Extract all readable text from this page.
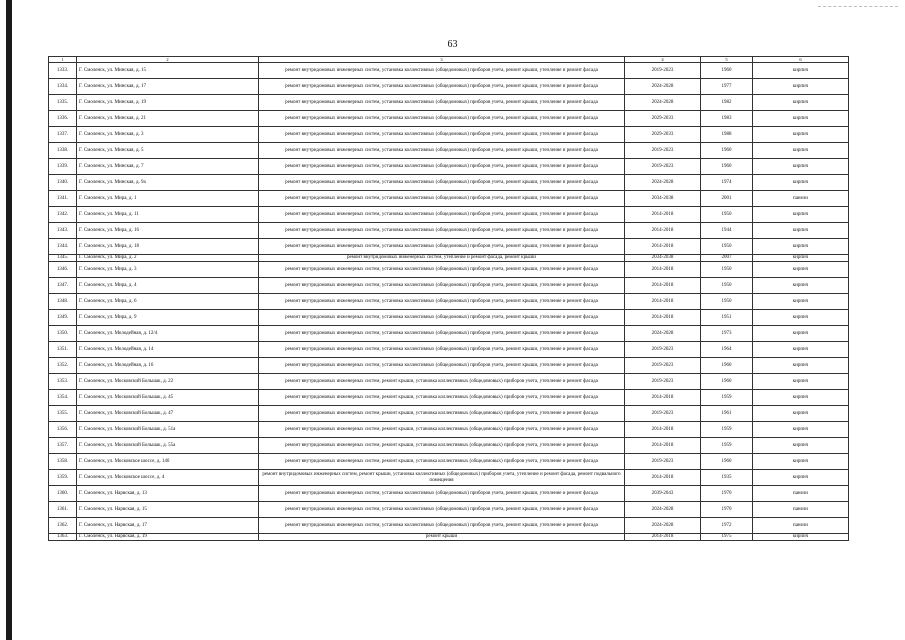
63
1	2	3	4	5	6
1333.	Г. Смоленск, ул. Минская, д. 15	ремонт внутридомовых инженерных систем, установка коллективных (общедомовых) приборов учета, ремонт крыши, утепление и ремонт фасада	2019-2023	1960	кирпич
1334.	Г. Смоленск, ул. Минская, д. 17	ремонт внутридомовых инженерных систем, установка коллективных (общедомовых) приборов учета, ремонт крыши, утепление и ремонт фасада	2024-2028	1977	кирпич
1335.	Г. Смоленск, ул. Минская, д. 19	ремонт внутридомовых инженерных систем, установка коллективных (общедомовых) приборов учета, ремонт крыши, утепление и ремонт фасада	2024-2028	1982	кирпич
1336.	Г. Смоленск, ул. Минская, д. 21	ремонт внутридомовых инженерных систем, установка коллективных (общедомовых) приборов учета, ремонт крыши, утепление и ремонт фасада	2029-2033	1983	кирпич
1337.	Г. Смоленск, ул. Минская, д. 3	ремонт внутридомовых инженерных систем, установка коллективных (общедомовых) приборов учета, ремонт крыши, утепление и ремонт фасада	2029-2033	1988	кирпич
1338.	Г. Смоленск, ул. Минская, д. 5	ремонт внутридомовых инженерных систем, установка коллективных (общедомовых) приборов учета, ремонт крыши, утепление и ремонт фасада	2019-2023	1960	кирпич
1339.	Г. Смоленск, ул. Минская, д. 7	ремонт внутридомовых инженерных систем, установка коллективных (общедомовых) приборов учета, ремонт крыши, утепление и ремонт фасада	2019-2023	1960	кирпич
1340.	Г. Смоленск, ул. Минская, д. 9а	ремонт внутридомовых инженерных систем, установка коллективных (общедомовых) приборов учета, ремонт крыши, утепление и ремонт фасада	2024-2028	1974	кирпич
1341.	Г. Смоленск, ул. Мира, д. 1	ремонт внутридомовых инженерных систем, установка коллективных (общедомовых) приборов учета, ремонт крыши, утепление и ремонт фасада	2034-2038	2001	панели
1342.	Г. Смоленск, ул. Мира, д. 11	ремонт внутридомовых инженерных систем, установка коллективных (общедомовых) приборов учета, ремонт крыши, утепление и ремонт фасада	2014-2018	1950	кирпич
1343.	Г. Смоленск, ул. Мира, д. 16	ремонт внутридомовых инженерных систем, установка коллективных (общедомовых) приборов учета, ремонт крыши, утепление и ремонт фасада	2014-2018	1944	кирпич
1344.	Г. Смоленск, ул. Мира, д. 18	ремонт внутридомовых инженерных систем, установка коллективных (общедомовых) приборов учета, ремонт крыши, утепление и ремонт фасада	2014-2018	1950	кирпич
1345.	Г. Смоленск, ул. Мира, д. 2	ремонт внутридомовых инженерных систем, утепление и ремонт фасада, ремонт крыши	2034-2038	2007	кирпич
1346.	Г. Смоленск, ул. Мира, д. 3	ремонт внутридомовых инженерных систем, установка коллективных (общедомовых) приборов учета, ремонт крыши, утепление и ремонт фасада	2014-2018	1950	кирпич
1347.	Г. Смоленск, ул. Мира, д. 4	ремонт внутридомовых инженерных систем, установка коллективных (общедомовых) приборов учета, ремонт крыши, утепление и ремонт фасада	2014-2018	1950	кирпич
1348.	Г. Смоленск, ул. Мира, д. 6	ремонт внутридомовых инженерных систем, установка коллективных (общедомовых) приборов учета, ремонт крыши, утепление и ремонт фасада	2014-2018	1950	кирпич
1349.	Г. Смоленск, ул. Мира, д. 9	ремонт внутридомовых инженерных систем, установка коллективных (общедомовых) приборов учета, ремонт крыши, утепление и ремонт фасада	2014-2018	1951	кирпич
1350.	Г. Смоленск, ул. Молодейная, д. 12/4	ремонт внутридомовых инженерных систем, установка коллективных (общедомовых) приборов учета, ремонт крыши, утепление и ремонт фасада	2024-2028	1973	кирпич
1351.	Г. Смоленск, ул. Молодейная, д. 14	ремонт внутридомовых инженерных систем, установка коллективных (общедомовых) приборов учета, ремонт крыши, утепление и ремонт фасада	2019-2023	1964	кирпич
1352.	Г. Смоленск, ул. Молодейная, д. 16	ремонт внутридомовых инженерных систем, установка коллективных (общедомовых) приборов учета, ремонт крыши, утепление и ремонт фасада	2019-2023	1960	кирпич
1353.	Г. Смоленск, ул. Московский Большак, д. 22	ремонт внутридомовых инженерных систем, ремонт крыши, установка коллективных (общедомовых) приборов учета, утепление и ремонт фасада	2019-2023	1960	кирпич
1354.	Г. Смоленск, ул. Московский Большак, д. 45	ремонт внутридомовых инженерных систем, ремонт крыши, установка коллективных (общедомовых) приборов учета, утепление и ремонт фасада	2014-2018	1959	кирпич
1355.	Г. Смоленск, ул. Московский Большак, д. 47	ремонт внутридомовых инженерных систем, ремонт крыши, установка коллективных (общедомовых) приборов учета, утепление и ремонт фасада	2019-2023	1961	кирпич
1356.	Г. Смоленск, ул. Московский Большак, д. 51а	ремонт внутридомовых инженерных систем, ремонт крыши, установка коллективных (общедомовых) приборов учета, утепление и ремонт фасада	2014-2018	1959	кирпич
1357.	Г. Смоленск, ул. Московский Большак, д. 55а	ремонт внутридомовых инженерных систем, ремонт крыши, установка коллективных (общедомовых) приборов учета, утепление и ремонт фасада	2014-2018	1959	кирпич
1358.	Г. Смоленск, ул. Московское шоссе, д. 140	ремонт внутридомовых инженерных систем, ремонт крыши, установка коллективных (общедомовых) приборов учета, утепление и ремонт фасада	2019-2023	1960	кирпич
1359.	Г. Смоленск, ул. Московское шоссе, д. 4	ремонт внутридомовых инженерных систем, ремонт крыши, установка коллективных (общедомовых) приборов учета, утепление и ремонт фасада, ремонт подвального помещения	2014-2018	1935	кирпич
1360.	Г. Смоленск, ул. Нарвская, д. 13	ремонт внутридомовых инженерных систем, установка коллективных (общедомовых) приборов учета, ремонт крыши, утепление и ремонт фасада	2039-2043	1970	панели
1361.	Г. Смоленск, ул. Нарвская, д. 15	ремонт внутридомовых инженерных систем, установка коллективных (общедомовых) приборов учета, ремонт крыши, утепление и ремонт фасада	2024-2028	1970	панели
1362.	Г. Смоленск, ул. Нарвская, д. 17	ремонт внутридомовых инженерных систем, установка коллективных (общедомовых) приборов учета, ремонт крыши, утепление и ремонт фасада	2024-2028	1972	панели
1363.	Г. Смоленск, ул. Нарвская, д. 19	ремонт крыши	2014-2018	1975	кирпич
